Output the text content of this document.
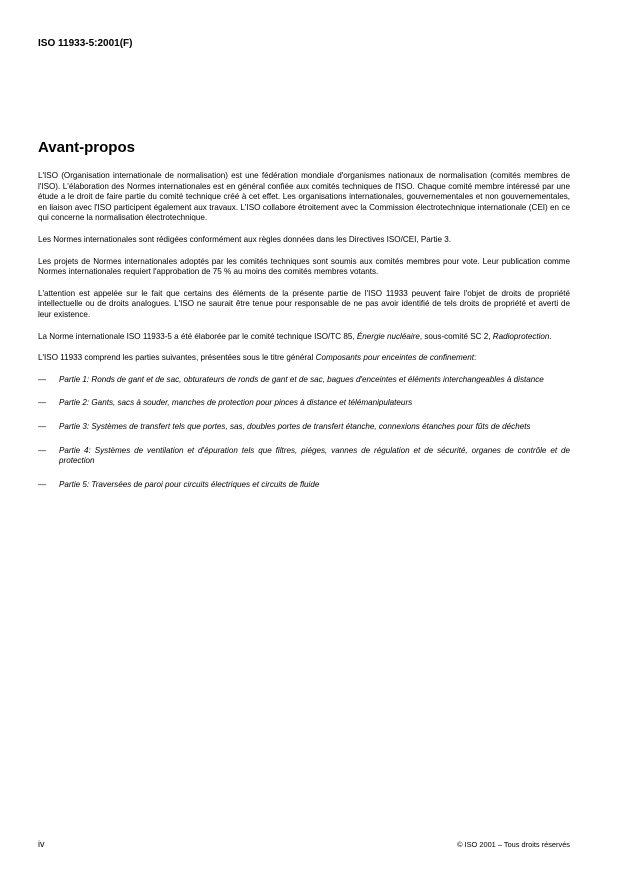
ISO 11933-5:2001(F)
Avant-propos

L'ISO (Organisation internationale de normalisation) est une fédération mondiale d'organismes nationaux de normalisation (comités membres de l'ISO). L'élaboration des Normes internationales est en général confiée aux comités techniques de l'ISO. Chaque comité membre intéressé par une étude a le droit de faire partie du comité technique créé à cet effet. Les organisations internationales, gouvernementales et non gouvernementales, en liaison avec l'ISO participent également aux travaux. L'ISO collabore étroitement avec la Commission électrotechnique internationale (CEI) en ce qui concerne la normalisation électrotechnique.

Les Normes internationales sont rédigées conformément aux règles données dans les Directives ISO/CEI, Partie 3.

Les projets de Normes internationales adoptés par les comités techniques sont soumis aux comités membres pour vote. Leur publication comme Normes internationales requiert l'approbation de 75 % au moins des comités membres votants.

L'attention est appelée sur le fait que certains des éléments de la présente partie de l'ISO 11933 peuvent faire l'objet de droits de propriété intellectuelle ou de droits analogues. L'ISO ne saurait être tenue pour responsable de ne pas avoir identifié de tels droits de propriété et averti de leur existence.

La Norme internationale ISO 11933-5 a été élaborée par le comité technique ISO/TC 85, Énergie nucléaire, sous-comité SC 2, Radioprotection.

L'ISO 11933 comprend les parties suivantes, présentées sous le titre général Composants pour enceintes de confinement:

— Partie 1: Ronds de gant et de sac, obturateurs de ronds de gant et de sac, bagues d'enceintes et éléments interchangeables à distance
— Partie 2: Gants, sacs à souder, manches de protection pour pinces à distance et télémanipulateurs
— Partie 3: Systèmes de transfert tels que portes, sas, doubles portes de transfert étanche, connexions étanches pour fûts de déchets
— Partie 4: Systèmes de ventilation et d'épuration tels que filtres, piéges, vannes de régulation et de sécurité, organes de contrôle et de protection
— Partie 5: Traversées de paroi pour circuits électriques et circuits de fluide
iv	© ISO 2001 – Tous droits réservés
